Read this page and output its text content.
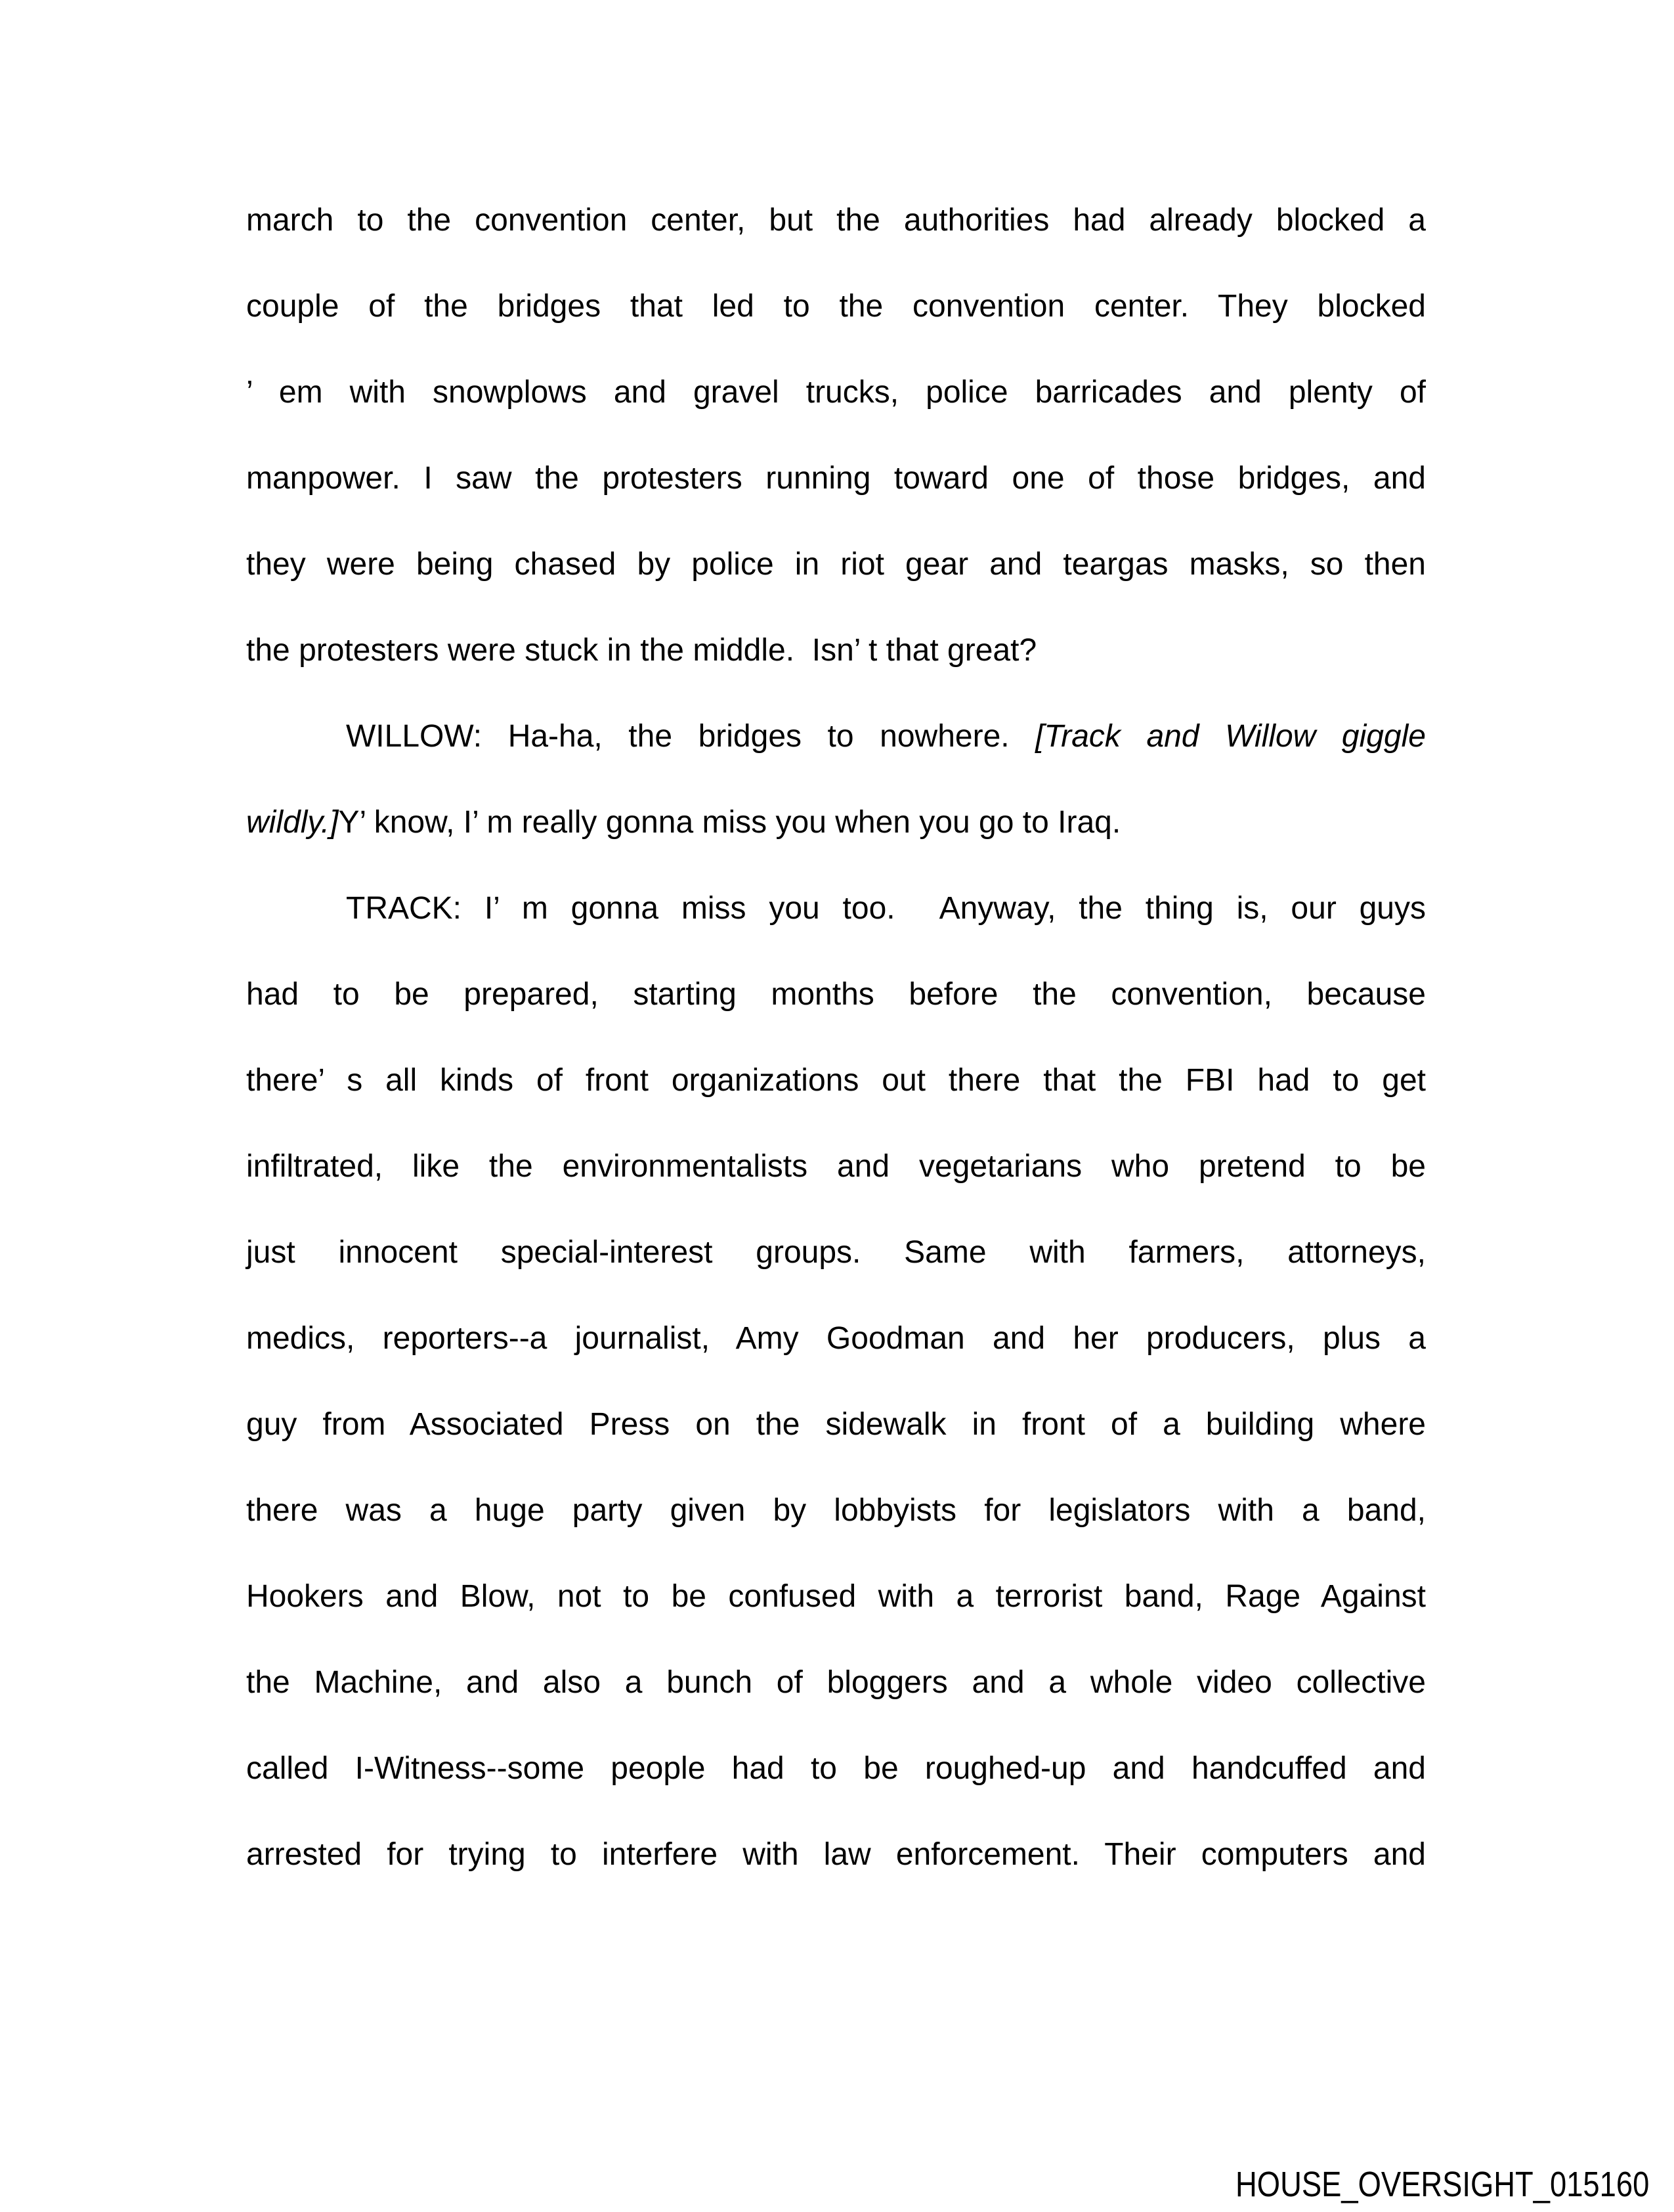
march to the convention center, but the authorities had already blocked a
couple of the bridges that led to the convention center. They blocked
’ em with snowplows and gravel trucks, police barricades and plenty of
manpower. I saw the protesters running toward one of those bridges, and
they were being chased by police in riot gear and teargas masks, so then
the protesters were stuck in the middle.  Isn’ t that great?
WILLOW: Ha-ha, the bridges to nowhere. [Track and Willow giggle
wildly.]Y’ know, I’ m really gonna miss you when you go to Iraq.
TRACK: I’ m gonna miss you too.  Anyway, the thing is, our guys
had to be prepared, starting months before the convention, because
there’ s all kinds of front organizations out there that the FBI had to get
infiltrated, like the environmentalists and vegetarians who pretend to be
just innocent special-interest groups. Same with farmers, attorneys,
medics, reporters--a journalist, Amy Goodman and her producers, plus a
guy from Associated Press on the sidewalk in front of a building where
there was a huge party given by lobbyists for legislators with a band,
Hookers and Blow, not to be confused with a terrorist band, Rage Against
the Machine, and also a bunch of bloggers and a whole video collective
called I-Witness--some people had to be roughed-up and handcuffed and
arrested for trying to interfere with law enforcement. Their computers and
HOUSE_OVERSIGHT_015160
